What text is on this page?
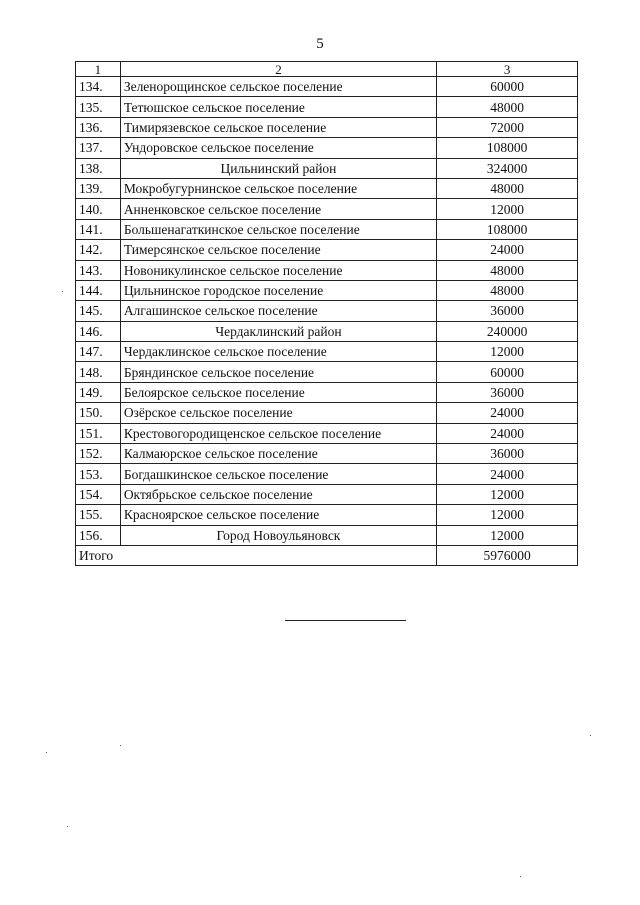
5
1	2	3
134.	Зеленорощинское сельское поселение	60000
135.	Тетюшское сельское поселение	48000
136.	Тимирязевское сельское поселение	72000
137.	Ундоровское сельское поселение	108000
138.	Цильнинский район	324000
139.	Мокробугурнинское сельское поселение	48000
140.	Анненковское сельское поселение	12000
141.	Большенагаткинское сельское поселение	108000
142.	Тимерсянское сельское поселение	24000
143.	Новоникулинское сельское поселение	48000
144.	Цильнинское городское поселение	48000
145.	Алгашинское сельское поселение	36000
146.	Чердаклинский район	240000
147.	Чердаклинское сельское поселение	12000
148.	Бряндинское сельское поселение	60000
149.	Белоярское сельское поселение	36000
150.	Озёрское сельское поселение	24000
151.	Крестовогородищенское сельское поселение	24000
152.	Калмаюрское сельское поселение	36000
153.	Богдашкинское сельское поселение	24000
154.	Октябрьское сельское поселение	12000
155.	Красноярское сельское поселение	12000
156.	Город Новоульяновск	12000
Итого		5976000
